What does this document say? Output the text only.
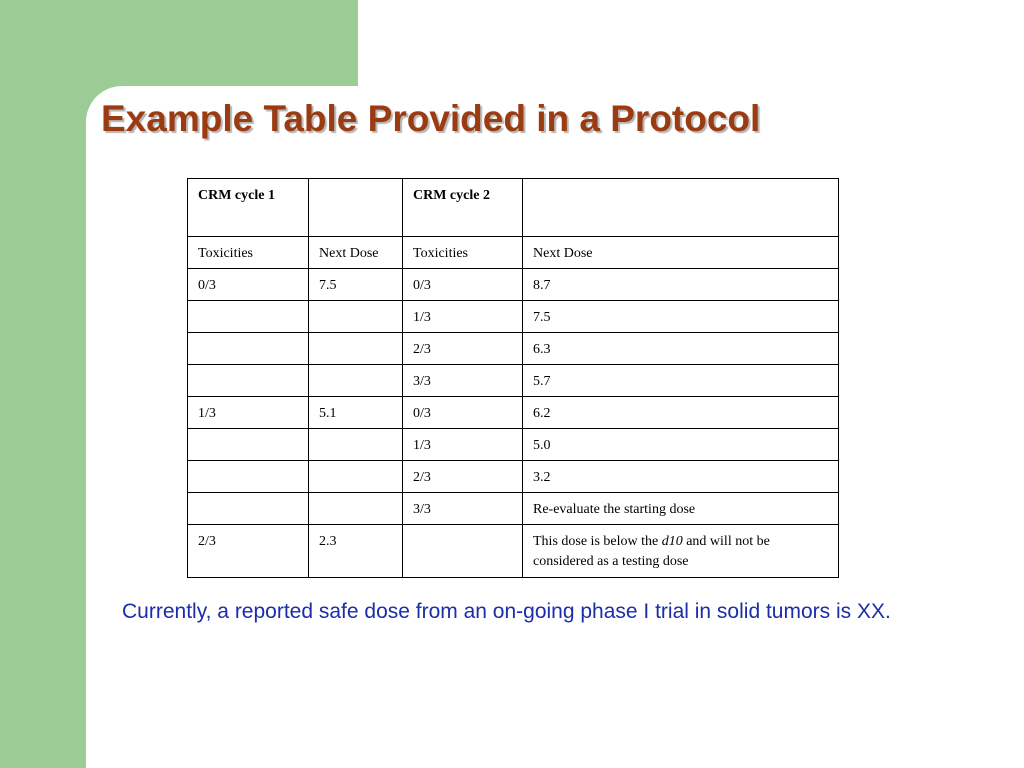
Example Table Provided in a Protocol
CRM cycle 1		CRM cycle 2	
Toxicities	Next Dose	Toxicities	Next Dose
0/3	7.5	0/3	8.7
		1/3	7.5
		2/3	6.3
		3/3	5.7
1/3	5.1	0/3	6.2
		1/3	5.0
		2/3	3.2
		3/3	Re-evaluate the starting dose
2/3	2.3		This dose is below the d10 and will not be considered as a testing dose

Currently, a reported safe dose from an on-going phase I trial in solid tumors is XX.
